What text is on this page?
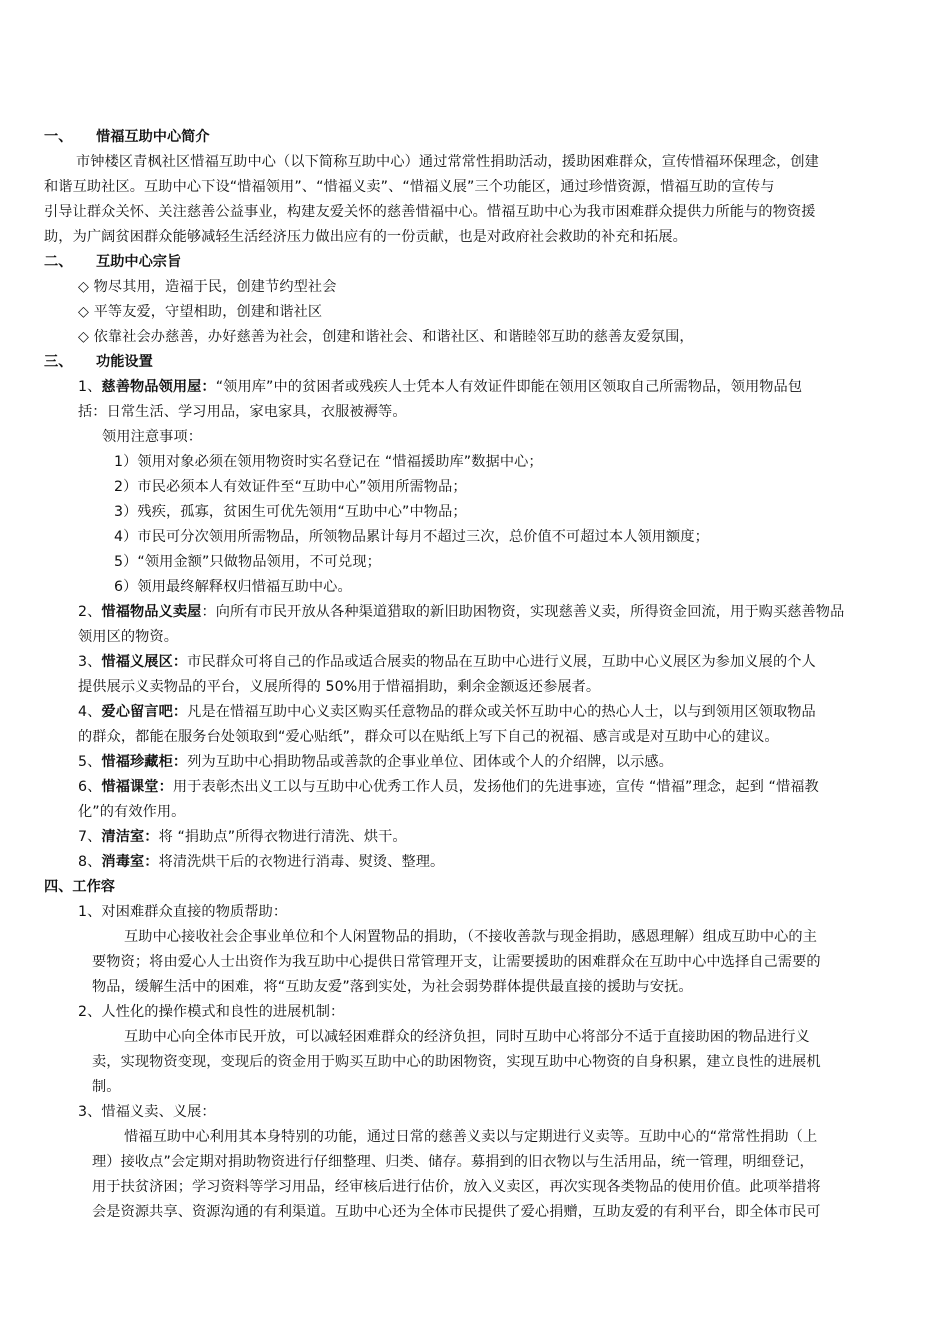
一、 惜福互助中心简介
市钟楼区青枫社区惜福互助中心（以下简称互助中心）通过常常性捐助活动，援助困难群众，宣传惜福环保理念，创建
和谐互助社区。互助中心下设“惜福领用”、“惜福义卖”、“惜福义展”三个功能区，通过珍惜资源，惜福互助的宣传与
引导让群众关怀、关注慈善公益事业，构建友爱关怀的慈善惜福中心。惜福互助中心为我市困难群众提供力所能与的物资援
助，为广阔贫困群众能够减轻生活经济压力做出应有的一份贡献，也是对政府社会救助的补充和拓展。
二、 互助中心宗旨
◇ 物尽其用，造福于民，创建节约型社会
◇ 平等友爱，守望相助，创建和谐社区
◇ 依靠社会办慈善，办好慈善为社会，创建和谐社会、和谐社区、和谐睦邻互助的慈善友爱氛围，
三、 功能设置
1、慈善物品领用屋：“领用库”中的贫困者或残疾人士凭本人有效证件即能在领用区领取自己所需物品，领用物品包
括：日常生活、学习用品，家电家具，衣服被褥等。
领用注意事项：
1）领用对象必须在领用物资时实名登记在 “惜福援助库”数据中心；
2）市民必须本人有效证件至“互助中心”领用所需物品；
3）残疾，孤寡，贫困生可优先领用“互助中心”中物品；
4）市民可分次领用所需物品，所领物品累计每月不超过三次，总价值不可超过本人领用额度；
5）“领用金额”只做物品领用，不可兑现；
6）领用最终解释权归惜福互助中心。
2、惜福物品义卖屋：向所有市民开放从各种渠道猎取的新旧助困物资，实现慈善义卖，所得资金回流，用于购买慈善物品
领用区的物资。
3、惜福义展区：市民群众可将自己的作品或适合展卖的物品在互助中心进行义展，互助中心义展区为参加义展的个人
提供展示义卖物品的平台，义展所得的 50%用于惜福捐助，剩余金额返还参展者。
4、爱心留言吧：凡是在惜福互助中心义卖区购买任意物品的群众或关怀互助中心的热心人士，以与到领用区领取物品
的群众，都能在服务台处领取到“爱心贴纸”，群众可以在贴纸上写下自己的祝福、感言或是对互助中心的建议。
5、惜福珍藏柜：列为互助中心捐助物品或善款的企事业单位、团体或个人的介绍牌，以示感。
6、惜福课堂：用于表彰杰出义工以与互助中心优秀工作人员，发扬他们的先进事迹，宣传 “惜福”理念，起到 “惜福教
化”的有效作用。
7、清洁室：将 “捐助点”所得衣物进行清洗、烘干。
8、消毒室：将清洗烘干后的衣物进行消毒、熨烫、整理。
四、工作容
1、对困难群众直接的物质帮助：
互助中心接收社会企事业单位和个人闲置物品的捐助，（不接收善款与现金捐助，感恩理解）组成互助中心的主
要物资；将由爱心人士出资作为我互助中心提供日常管理开支，让需要援助的困难群众在互助中心中选择自己需要的
物品，缓解生活中的困难，将“互助友爱”落到实处，为社会弱势群体提供最直接的援助与安抚。
2、人性化的操作模式和良性的进展机制：
互助中心向全体市民开放，可以减轻困难群众的经济负担，同时互助中心将部分不适于直接助困的物品进行义
卖，实现物资变现，变现后的资金用于购买互助中心的助困物资，实现互助中心物资的自身积累，建立良性的进展机
制。
3、惜福义卖、义展：
惜福互助中心利用其本身特别的功能，通过日常的慈善义卖以与定期进行义卖等。互助中心的“常常性捐助（上
理）接收点”会定期对捐助物资进行仔细整理、归类、储存。募捐到的旧衣物以与生活用品，统一管理，明细登记，
用于扶贫济困；学习资料等学习用品，经审核后进行估价，放入义卖区，再次实现各类物品的使用价值。此项举措将
会是资源共享、资源沟通的有利渠道。互助中心还为全体市民提供了爱心捐赠，互助友爱的有利平台，即全体市民可
